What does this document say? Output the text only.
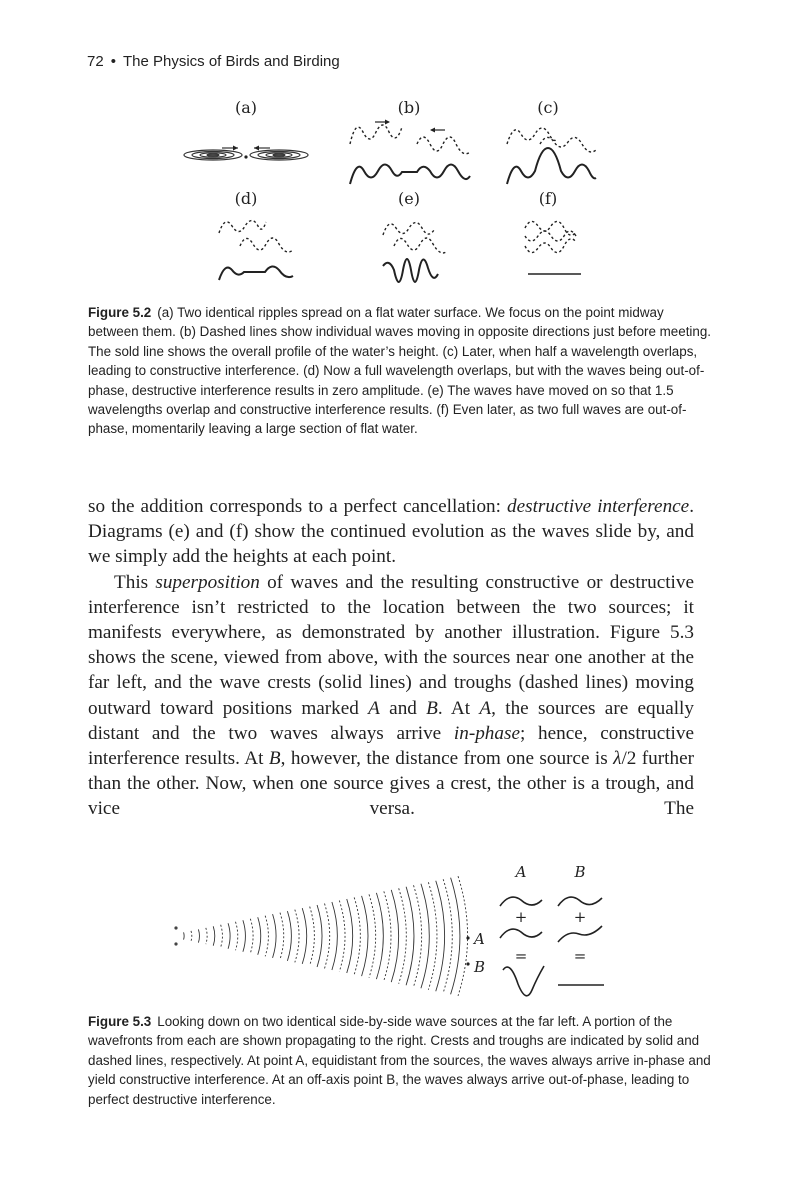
72 • The Physics of Birds and Birding
(a)	(b)	(c)
(d)	(e)	(f)
Figure 5.2 (a) Two identical ripples spread on a flat water surface. We focus on the point midway between them. (b) Dashed lines show individual waves moving in opposite directions just before meeting. The sold line shows the overall profile of the water’s height. (c) Later, when half a wavelength overlaps, leading to constructive interference. (d) Now a full wavelength overlaps, but with the waves being out-of-phase, destructive interference results in zero amplitude. (e) The waves have moved on so that 1.5 wavelengths overlap and constructive interference results. (f) Even later, as two full waves are out-of-phase, momentarily leaving a large section of flat water.

so the addition corresponds to a perfect cancellation: destructive interference. Diagrams (e) and (f) show the continued evolution as the waves slide by, and we simply add the heights at each point.

This superposition of waves and the resulting constructive or destructive interference isn’t restricted to the location between the two sources; it manifests everywhere, as demonstrated by another illustration. Figure 5.3 shows the scene, viewed from above, with the sources near one another at the far left, and the wave crests (solid lines) and troughs (dashed lines) moving outward toward positions marked A and B. At A, the sources are equally distant and the two waves always arrive in-phase; hence, constructive interference results. At B, however, the distance from one source is λ/2 further than the other. Now, when one source gives a crest, the other is a trough, and vice versa. The

A
B
A	B
+	+
=	=
Figure 5.3 Looking down on two identical side-by-side wave sources at the far left. A portion of the wavefronts from each are shown propagating to the right. Crests and troughs are indicated by solid and dashed lines, respectively. At point A, equidistant from the sources, the waves always arrive in-phase and yield constructive interference. At an off-axis point B, the waves always arrive out-of-phase, leading to perfect destructive interference.
